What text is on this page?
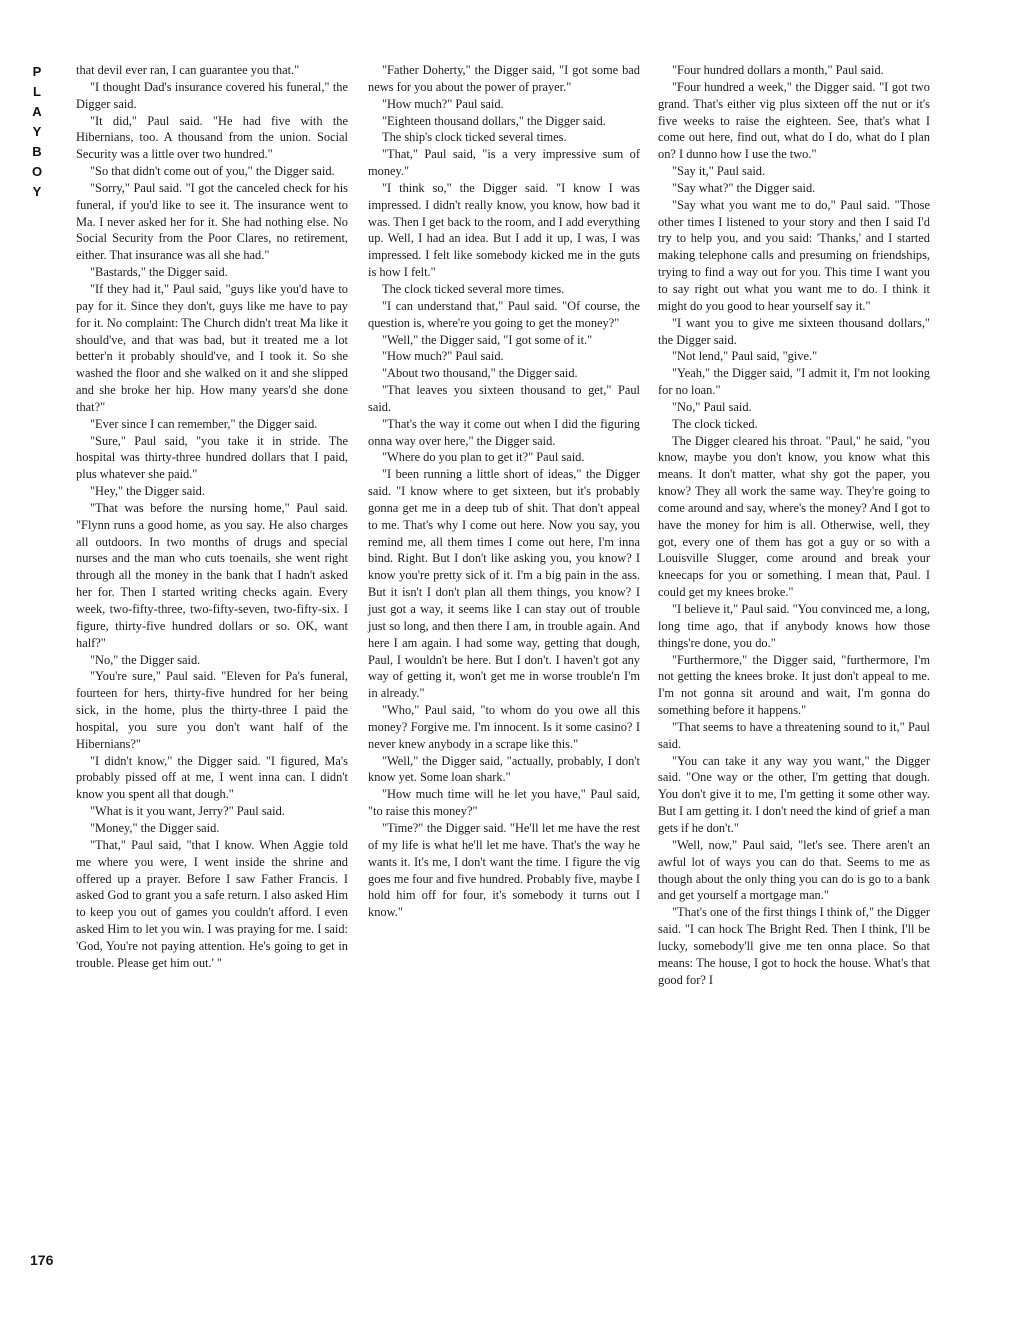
P
L
A
Y
B
O
Y
176

that devil ever ran, I can guarantee you that."

"I thought Dad's insurance covered his funeral," the Digger said.

"It did," Paul said. "He had five with the Hibernians, too. A thousand from the union. Social Security was a little over two hundred."

"So that didn't come out of you," the Digger said.

"Sorry," Paul said. "I got the canceled check for his funeral, if you'd like to see it. The insurance went to Ma. I never asked her for it. She had nothing else. No Social Security from the Poor Clares, no retirement, either. That insurance was all she had."

"Bastards," the Digger said.

"If they had it," Paul said, "guys like you'd have to pay for it. Since they don't, guys like me have to pay for it. No complaint: The Church didn't treat Ma like it should've, and that was bad, but it treated me a lot better'n it probably should've, and I took it. So she washed the floor and she walked on it and she slipped and she broke her hip. How many years'd she done that?"

"Ever since I can remember," the Digger said.

"Sure," Paul said, "you take it in stride. The hospital was thirty-three hundred dollars that I paid, plus whatever she paid."

"Hey," the Digger said.

"That was before the nursing home," Paul said. "Flynn runs a good home, as you say. He also charges all outdoors. In two months of drugs and special nurses and the man who cuts toenails, she went right through all the money in the bank that I hadn't asked her for. Then I started writing checks again. Every week, two-fifty-three, two-fifty-seven, two-fifty-six. I figure, thirty-five hundred dollars or so. OK, want half?"

"No," the Digger said.

"You're sure," Paul said. "Eleven for Pa's funeral, fourteen for hers, thirty-five hundred for her being sick, in the home, plus the thirty-three I paid the hospital, you sure you don't want half of the Hibernians?"

"I didn't know," the Digger said. "I figured, Ma's probably pissed off at me, I went inna can. I didn't know you spent all that dough."

"What is it you want, Jerry?" Paul said.

"Money," the Digger said.

"That," Paul said, "that I know. When Aggie told me where you were, I went inside the shrine and offered up a prayer. Before I saw Father Francis. I asked God to grant you a safe return. I also asked Him to keep you out of games you couldn't afford. I even asked Him to let you win. I was praying for me. I said: 'God, You're not paying attention. He's going to get in trouble. Please get him out.' "

"Father Doherty," the Digger said, "I got some bad news for you about the power of prayer."

"How much?" Paul said.

"Eighteen thousand dollars," the Digger said.

The ship's clock ticked several times.

"That," Paul said, "is a very impressive sum of money."

"I think so," the Digger said. "I know I was impressed. I didn't really know, you know, how bad it was. Then I get back to the room, and I add everything up. Well, I had an idea. But I add it up, I was, I was impressed. I felt like somebody kicked me in the guts is how I felt."

The clock ticked several more times.

"I can understand that," Paul said. "Of course, the question is, where're you going to get the money?"

"Well," the Digger said, "I got some of it."

"How much?" Paul said.

"About two thousand," the Digger said.

"That leaves you sixteen thousand to get," Paul said.

"That's the way it come out when I did the figuring onna way over here," the Digger said.

"Where do you plan to get it?" Paul said.

"I been running a little short of ideas," the Digger said. "I know where to get sixteen, but it's probably gonna get me in a deep tub of shit. That don't appeal to me. That's why I come out here. Now you say, you remind me, all them times I come out here, I'm inna bind. Right. But I don't like asking you, you know? I know you're pretty sick of it. I'm a big pain in the ass. But it isn't I don't plan all them things, you know? I just got a way, it seems like I can stay out of trouble just so long, and then there I am, in trouble again. And here I am again. I had some way, getting that dough, Paul, I wouldn't be here. But I don't. I haven't got any way of getting it, won't get me in worse trouble'n I'm in already."

"Who," Paul said, "to whom do you owe all this money? Forgive me. I'm innocent. Is it some casino? I never knew anybody in a scrape like this."

"Well," the Digger said, "actually, probably, I don't know yet. Some loan shark."

"How much time will he let you have," Paul said, "to raise this money?"

"Time?" the Digger said. "He'll let me have the rest of my life is what he'll let me have. That's the way he wants it. It's me, I don't want the time. I figure the vig goes me four and five hundred. Probably five, maybe I hold him off for four, it's somebody it turns out I know."

"Four hundred dollars a month," Paul said.

"Four hundred a week," the Digger said. "I got two grand. That's either vig plus sixteen off the nut or it's five weeks to raise the eighteen. See, that's what I come out here, find out, what do I do, what do I plan on? I dunno how I use the two."

"Say it," Paul said.

"Say what?" the Digger said.

"Say what you want me to do," Paul said. "Those other times I listened to your story and then I said I'd try to help you, and you said: 'Thanks,' and I started making telephone calls and presuming on friendships, trying to find a way out for you. This time I want you to say right out what you want me to do. I think it might do you good to hear yourself say it."

"I want you to give me sixteen thousand dollars," the Digger said.

"Not lend," Paul said, "give."

"Yeah," the Digger said, "I admit it, I'm not looking for no loan."

"No," Paul said.

The clock ticked.

The Digger cleared his throat. "Paul," he said, "you know, maybe you don't know, you know what this means. It don't matter, what shy got the paper, you know? They all work the same way. They're going to come around and say, where's the money? And I got to have the money for him is all. Otherwise, well, they got, every one of them has got a guy or so with a Louisville Slugger, come around and break your kneecaps for you or something. I mean that, Paul. I could get my knees broke."

"I believe it," Paul said. "You convinced me, a long, long time ago, that if anybody knows how those things're done, you do."

"Furthermore," the Digger said, "furthermore, I'm not getting the knees broke. It just don't appeal to me. I'm not gonna sit around and wait, I'm gonna do something before it happens."

"That seems to have a threatening sound to it," Paul said.

"You can take it any way you want," the Digger said. "One way or the other, I'm getting that dough. You don't give it to me, I'm getting it some other way. But I am getting it. I don't need the kind of grief a man gets if he don't."

"Well, now," Paul said, "let's see. There aren't an awful lot of ways you can do that. Seems to me as though about the only thing you can do is go to a bank and get yourself a mortgage man."

"That's one of the first things I think of," the Digger said. "I can hock The Bright Red. Then I think, I'll be lucky, somebody'll give me ten onna place. So that means: The house, I got to hock the house. What's that good for? I
